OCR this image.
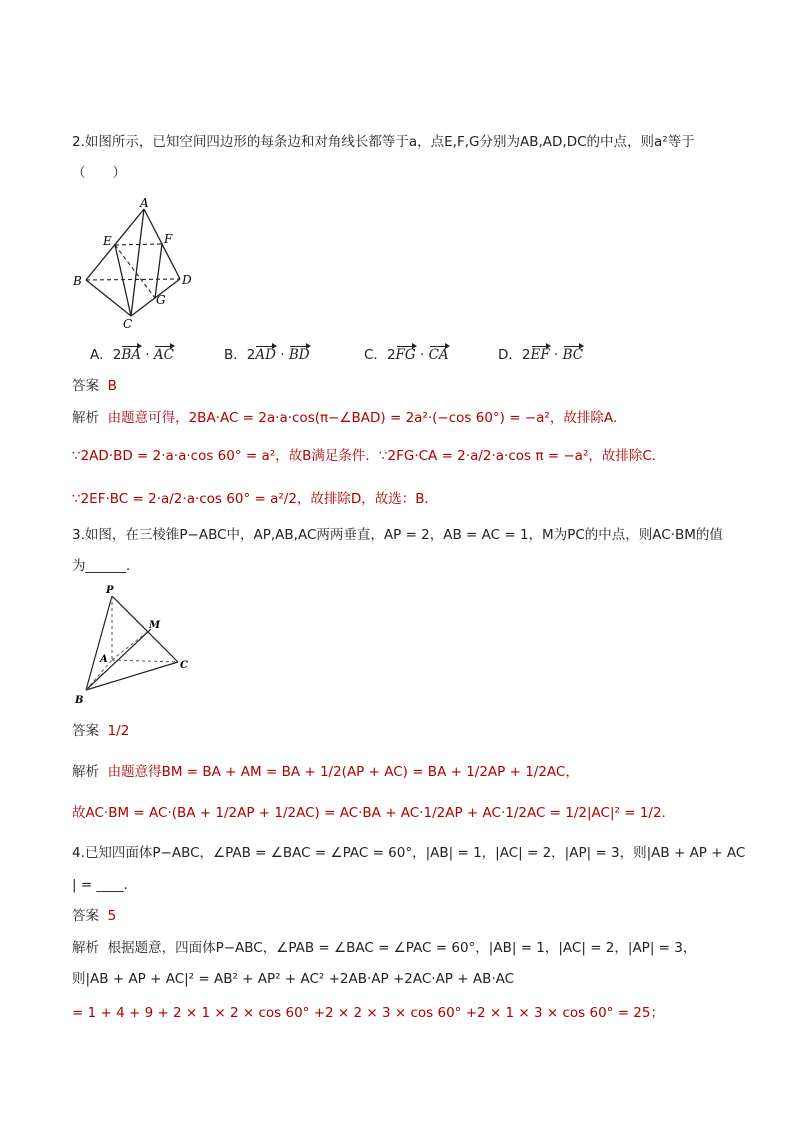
2.如图所示，已知空间四边形的每条边和对角线长都等于a，点E,F,G分别为AB,AD,DC的中点，则a²等于
（　　）
A
E	F
B	D
G
C
A．2BA · AC	B．2AD · BD	C．2FG · CA	D．2EF · BC
答案 B
解析 由题意可得，2BA·AC = 2a·a·cos(π−∠BAD) = 2a²·(−cos 60°) = −a²，故排除A．
∵2AD·BD = 2·a·a·cos 60° = a²，故B满足条件．∵2FG·CA = 2·a/2·a·cos π = −a²，故排除C．
∵2EF·BC = 2·a/2·a·cos 60° = a²/2，故排除D，故选：B．
3.如图，在三棱锥P−ABC中，AP,AB,AC两两垂直，AP = 2，AB = AC = 1，M为PC的中点，则AC·BM的值
为______．
P
M
A
C
B
答案 1/2
解析 由题意得BM = BA + AM = BA + 1/2(AP + AC) = BA + 1/2AP + 1/2AC，
故AC·BM = AC·(BA + 1/2AP + 1/2AC) = AC·BA + AC·1/2AP + AC·1/2AC = 1/2|AC|² = 1/2．
4.已知四面体P−ABC，∠PAB = ∠BAC = ∠PAC = 60°，|AB| = 1，|AC| = 2，|AP| = 3，则|AB + AP + AC
| = ____．
答案 5
解析 根据题意，四面体P−ABC，∠PAB = ∠BAC = ∠PAC = 60°，|AB| = 1，|AC| = 2，|AP| = 3，
则|AB + AP + AC|² = AB² + AP² + AC² +2AB·AP +2AC·AP + AB·AC
= 1 + 4 + 9 + 2 × 1 × 2 × cos 60° +2 × 2 × 3 × cos 60° +2 × 1 × 3 × cos 60° = 25；
